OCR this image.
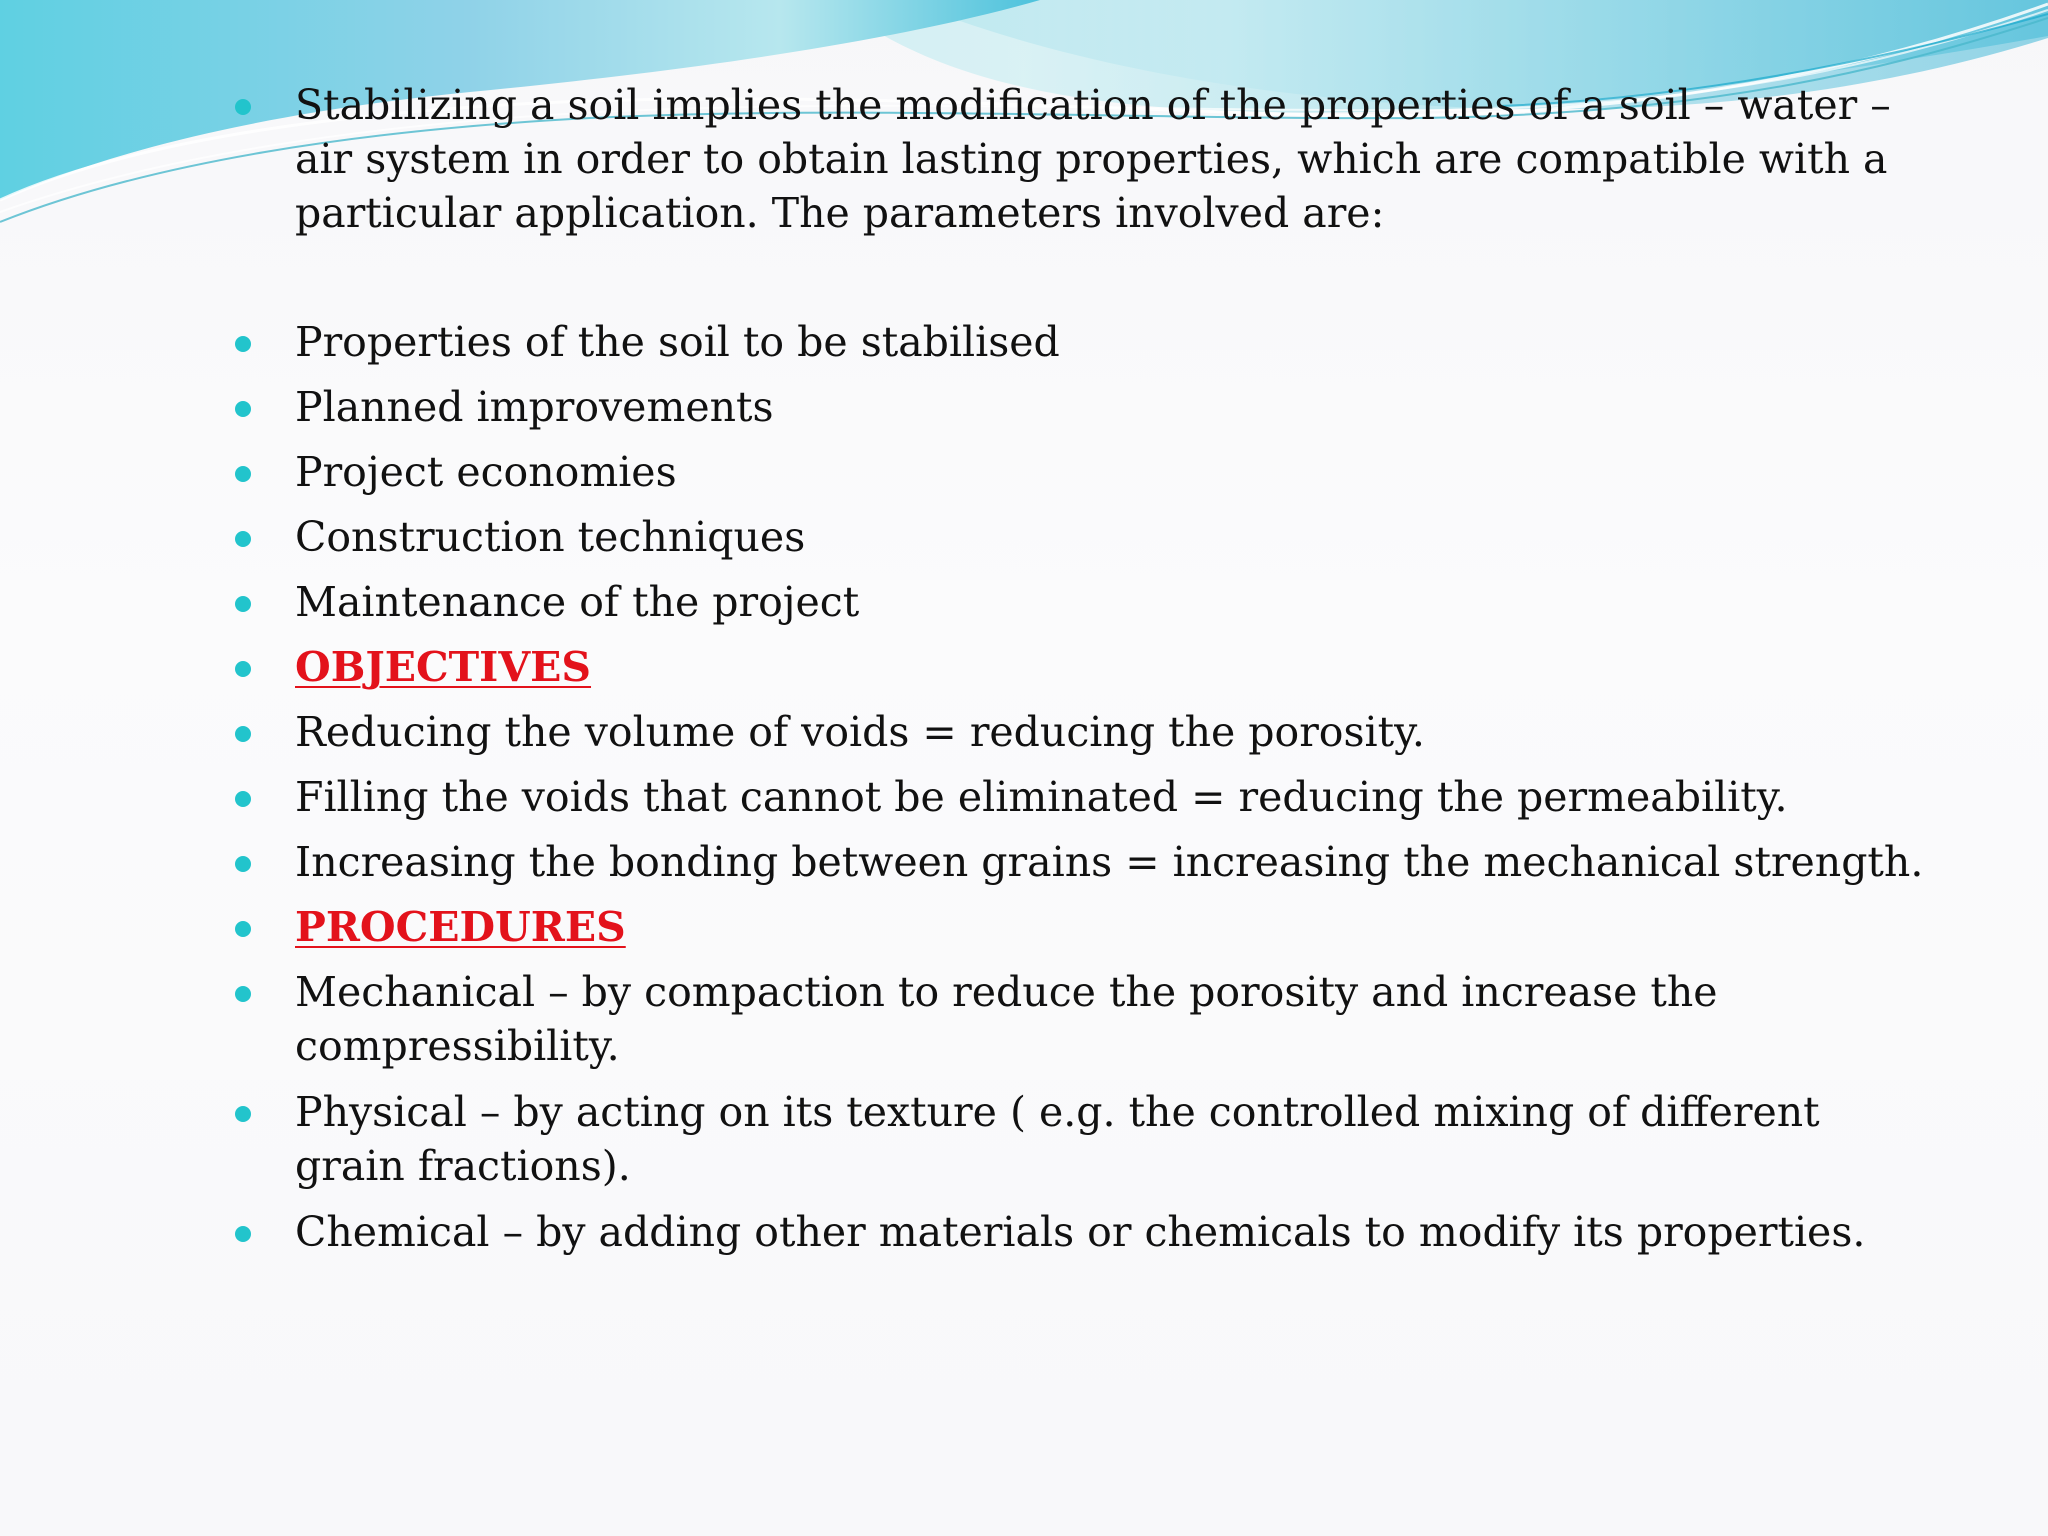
Stabilizing a soil implies the modification of the properties of a soil – water – air system in order to obtain lasting properties, which are compatible with a particular application. The parameters involved are:
Properties of the soil to be stabilised
Planned improvements
Project economies
Construction techniques
Maintenance of the project
OBJECTIVES
Reducing the volume of voids = reducing the porosity.
Filling the voids that cannot be eliminated = reducing the permeability.
Increasing the bonding between grains = increasing the mechanical strength.
PROCEDURES
Mechanical – by compaction to reduce the porosity and increase the compressibility.
Physical – by acting on its texture ( e.g. the controlled mixing of different grain fractions).
Chemical – by adding other materials or chemicals to modify its properties.
